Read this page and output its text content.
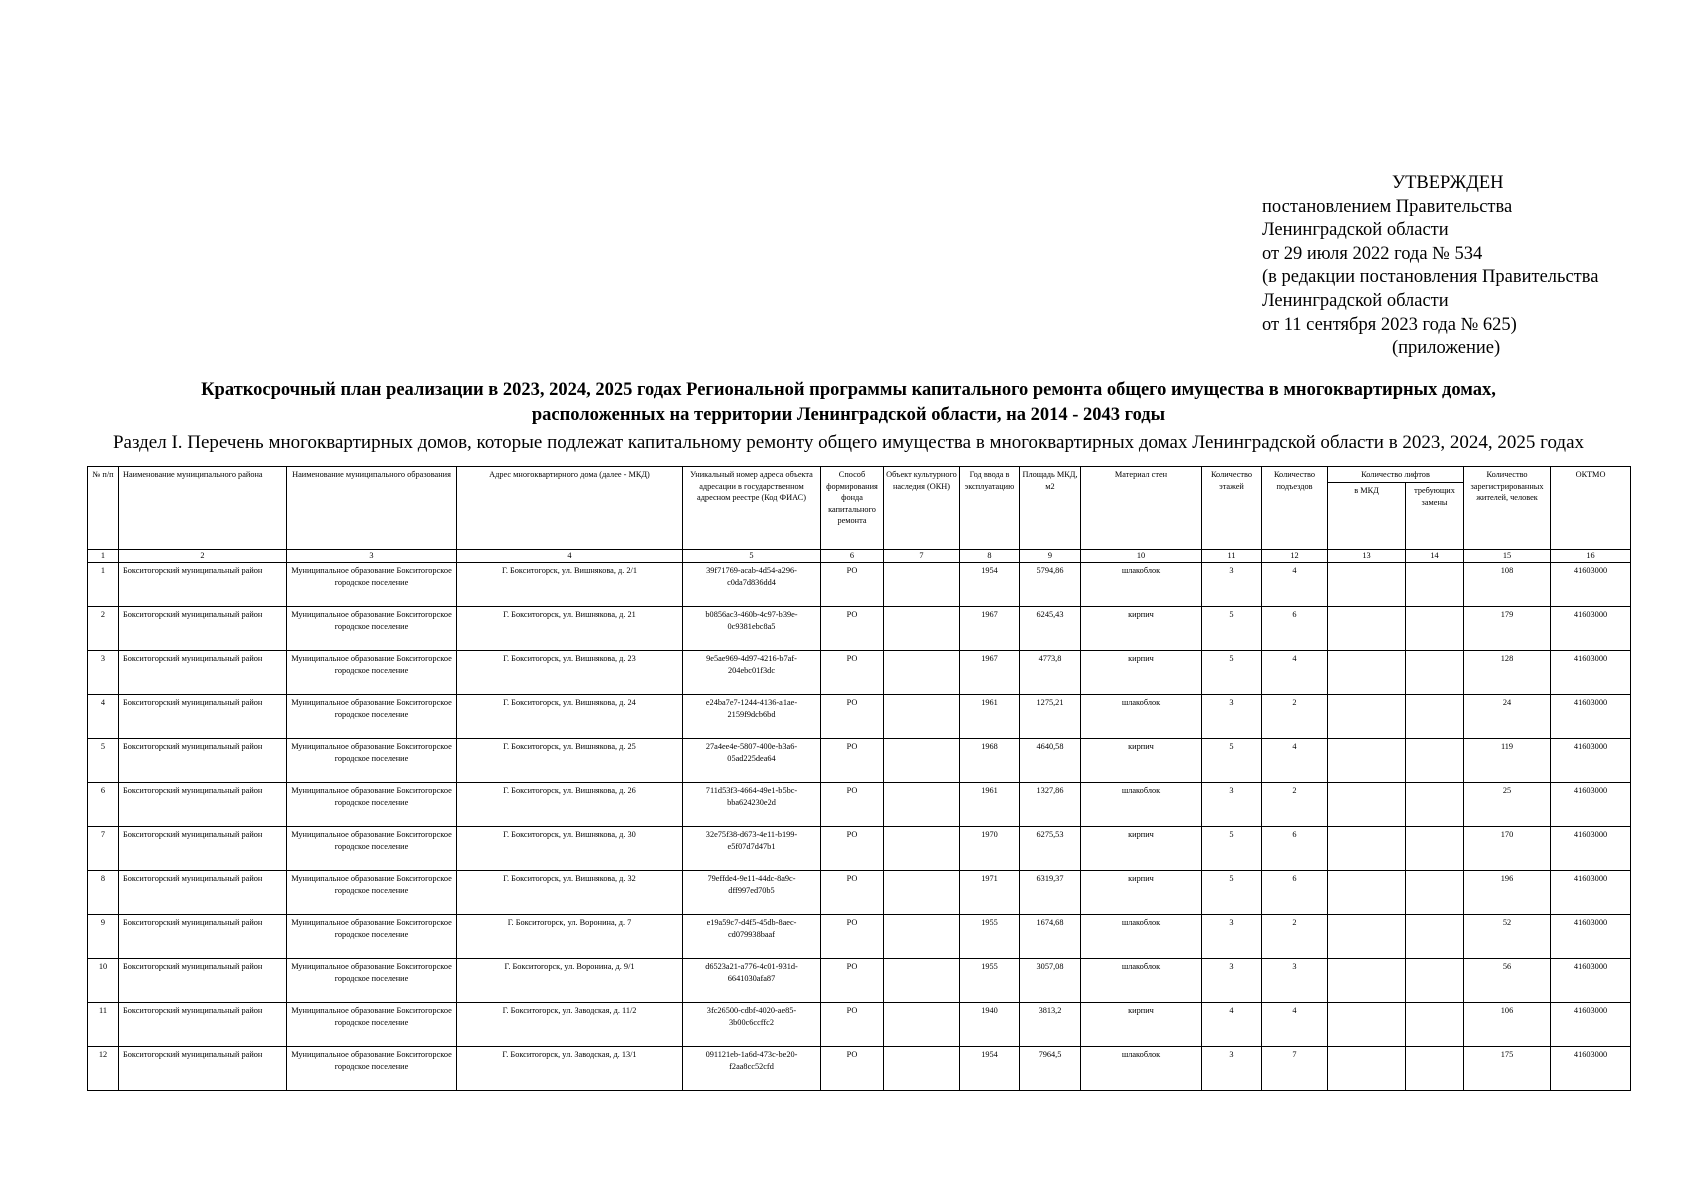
УТВЕРЖДЕН
постановлением Правительства
Ленинградской области
от 29 июля 2022 года № 534
(в редакции постановления Правительства
Ленинградской области
от 11 сентября 2023 года № 625)
(приложение)
Краткосрочный план реализации в 2023, 2024, 2025 годах Региональной программы капитального ремонта общего имущества в многоквартирных домах,
расположенных на территории Ленинградской области, на 2014 - 2043 годы
Раздел I. Перечень многоквартирных домов, которые подлежат капитальному ремонту общего имущества в многоквартирных домах Ленинградской области в 2023, 2024, 2025 годах
№ п/п	Наименование муниципального района	Наименование муниципального образования	Адрес многоквартирного дома (далее - МКД)	Уникальный номер адреса объекта адресации в государственном адресном реестре (Код ФИАС)	Способ формирования фонда капитального ремонта	Объект культурного наследия (ОКН)	Год ввода в эксплуатацию	Площадь МКД, м2	Материал стен	Количество этажей	Количество подъездов	Количество лифтов		Количество зарегистрированных жителей, человек	ОКТМО
												в МКД	требующих замены		
1	2	3	4	5	6	7	8	9	10	11	12	13	14	15	16
1	Бокситогорский муниципальный район	Муниципальное образование Бокситогорское городское поселение	Г. Бокситогорск, ул. Вишнякова, д. 2/1	39f71769-acab-4d54-a296-c0da7d836dd4	РО		1954	5794,86	шлакоблок	3	4			108	41603000
2	Бокситогорский муниципальный район	Муниципальное образование Бокситогорское городское поселение	Г. Бокситогорск, ул. Вишнякова, д. 21	b0856ac3-460b-4c97-b39e-0c9381ebc8a5	РО		1967	6245,43	кирпич	5	6			179	41603000
3	Бокситогорский муниципальный район	Муниципальное образование Бокситогорское городское поселение	Г. Бокситогорск, ул. Вишнякова, д. 23	9e5ae969-4d97-4216-b7af-204ebc01f3dc	РО		1967	4773,8	кирпич	5	4			128	41603000
4	Бокситогорский муниципальный район	Муниципальное образование Бокситогорское городское поселение	Г. Бокситогорск, ул. Вишнякова, д. 24	e24ba7e7-1244-4136-a1ae-2159f9dcb6bd	РО		1961	1275,21	шлакоблок	3	2			24	41603000
5	Бокситогорский муниципальный район	Муниципальное образование Бокситогорское городское поселение	Г. Бокситогорск, ул. Вишнякова, д. 25	27a4ee4e-5807-400e-b3a6-05ad225dea64	РО		1968	4640,58	кирпич	5	4			119	41603000
6	Бокситогорский муниципальный район	Муниципальное образование Бокситогорское городское поселение	Г. Бокситогорск, ул. Вишнякова, д. 26	711d53f3-4664-49e1-b5bc-bba624230e2d	РО		1961	1327,86	шлакоблок	3	2			25	41603000
7	Бокситогорский муниципальный район	Муниципальное образование Бокситогорское городское поселение	Г. Бокситогорск, ул. Вишнякова, д. 30	32e75f38-d673-4e11-b199-e5f07d7d47b1	РО		1970	6275,53	кирпич	5	6			170	41603000
8	Бокситогорский муниципальный район	Муниципальное образование Бокситогорское городское поселение	Г. Бокситогорск, ул. Вишнякова, д. 32	79effde4-9e11-44dc-8a9c-dff997ed70b5	РО		1971	6319,37	кирпич	5	6			196	41603000
9	Бокситогорский муниципальный район	Муниципальное образование Бокситогорское городское поселение	Г. Бокситогорск, ул. Воронина, д. 7	e19a59c7-d4f5-45db-8aec-cd079938baaf	РО		1955	1674,68	шлакоблок	3	2			52	41603000
10	Бокситогорский муниципальный район	Муниципальное образование Бокситогорское городское поселение	Г. Бокситогорск, ул. Воронина, д. 9/1	d6523a21-a776-4c01-931d-6641030afa87	РО		1955	3057,08	шлакоблок	3	3			56	41603000
11	Бокситогорский муниципальный район	Муниципальное образование Бокситогорское городское поселение	Г. Бокситогорск, ул. Заводская, д. 11/2	3fc26500-cdbf-4020-ae85-3b00c6ccffc2	РО		1940	3813,2	кирпич	4	4			106	41603000
12	Бокситогорский муниципальный район	Муниципальное образование Бокситогорское городское поселение	Г. Бокситогорск, ул. Заводская, д. 13/1	091121eb-1a6d-473c-be20-f2aa8cc52cfd	РО		1954	7964,5	шлакоблок	3	7			175	41603000
